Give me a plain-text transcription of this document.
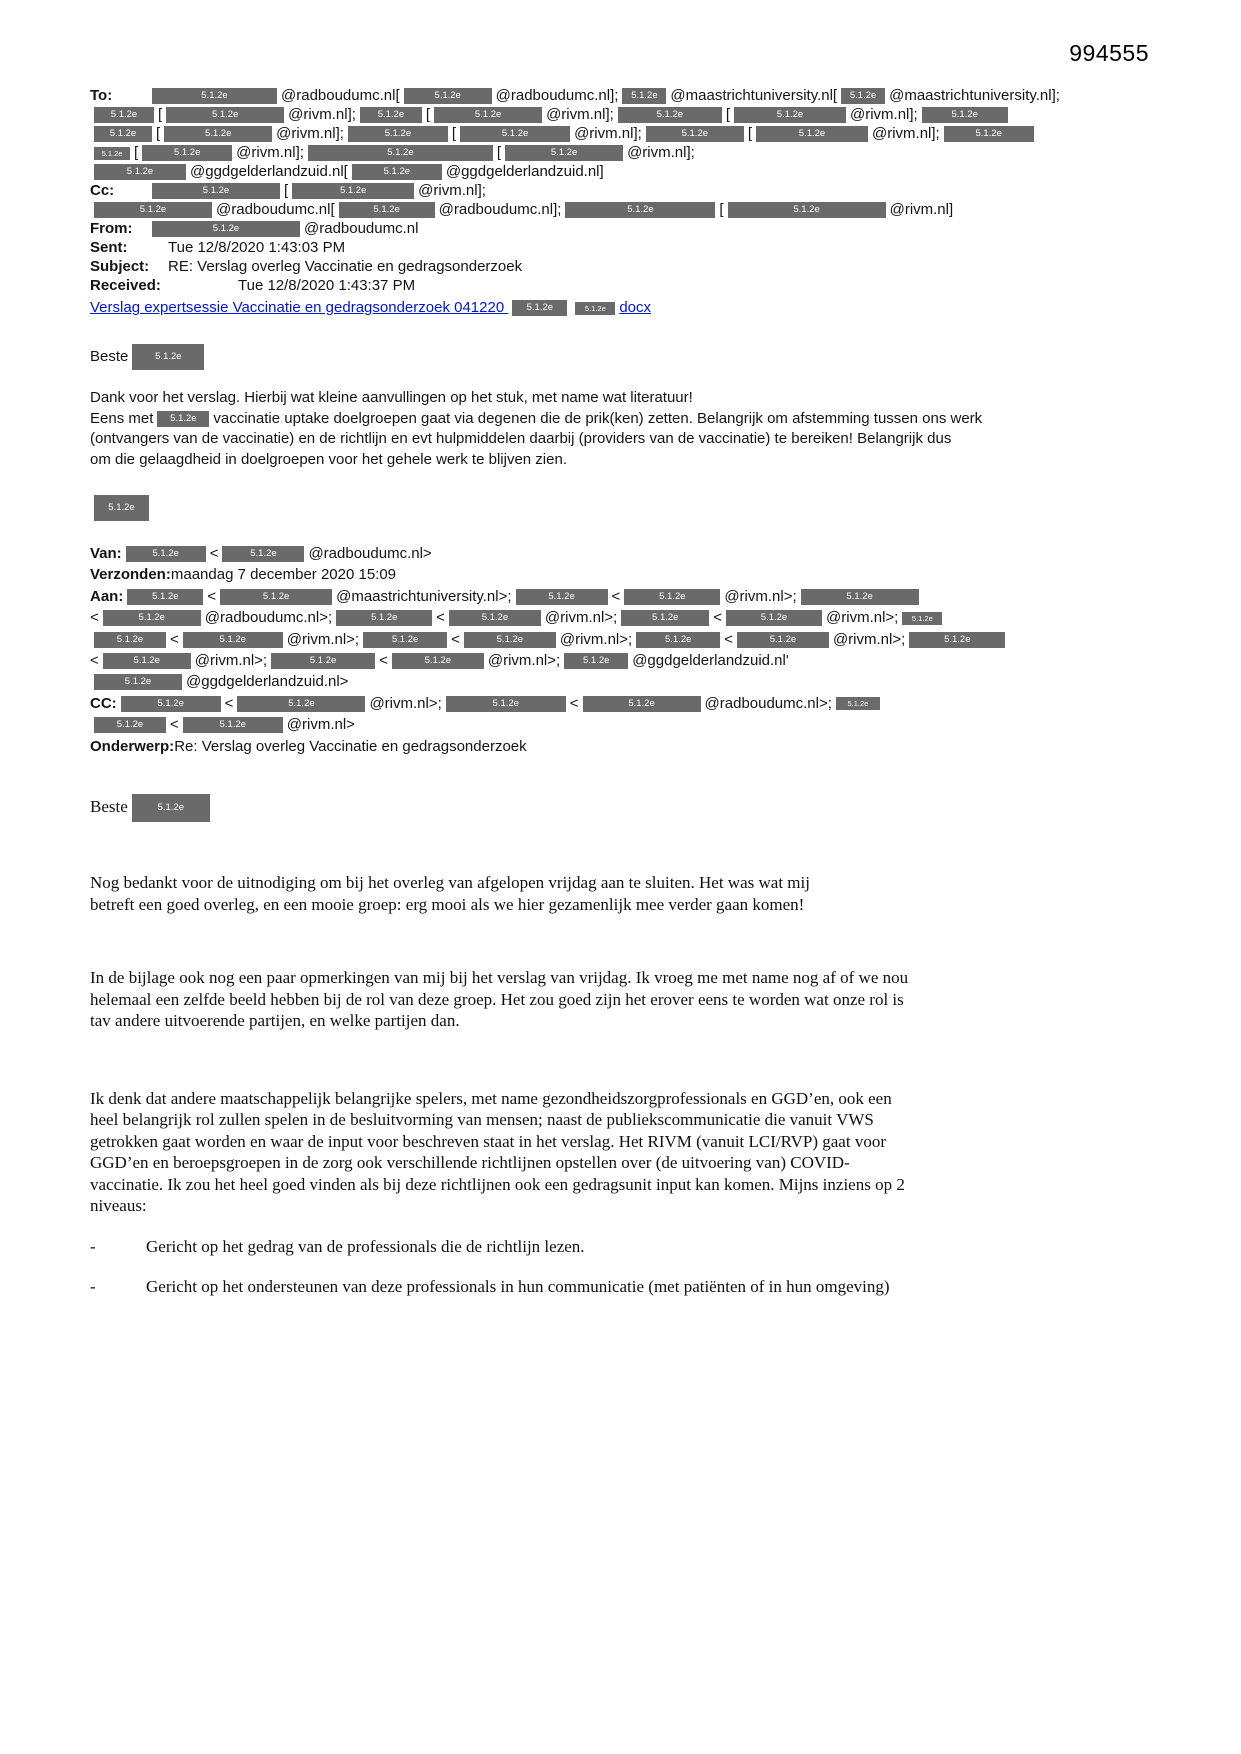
994555
To:	5.1.2e	@radboudumc.nl[	5.1.2e @radboudumc.nl]; 5.1.2e @maastrichtuniversity.nl[ 5.1.2e @maastrichtuniversity.nl];
5.1.2e [	5.1.2e	@rivm.nl]; 5.1.2e [	5.1.2e	@rivm.nl];	5.1.2e	[	5.1.2e	@rivm.nl];	5.1.2e
5.1.2e [	5.1.2e	@rivm.nl];	5.1.2e	[	5.1.2e	@rivm.nl];	5.1.2e	[	5.1.2e	@rivm.nl];	5.1.2e
5.1.2e [	5.1.2e @rivm.nl];	5.1.2e	[	5.1.2e	@rivm.nl];
5.1.2e @ggdgelderlandzuid.nl[	5.1.2e @ggdgelderlandzuid.nl]
Cc:	5.1.2e	[	5.1.2e	@rivm.nl];
5.1.2e	@radboudumc.nl[	5.1.2e	@radboudumc.nl];	5.1.2e	[	5.1.2e	@rivm.nl]
From:	5.1.2e	@radboudumc.nl
Sent:	Tue 12/8/2020 1:43:03 PM
Subject: RE: Verslag overleg Vaccinatie en gedragsonderzoek
Received:	Tue 12/8/2020 1:43:37 PM
Verslag expertsessie Vaccinatie en gedragsonderzoek 041220 5.1.2e	5.1.2e docx
Beste	5.1.2e
Dank voor het verslag. Hierbij wat kleine aanvullingen op het stuk, met name wat literatuur!
Eens met 5.1.2e vaccinatie uptake doelgroepen gaat via degenen die de prik(ken) zetten. Belangrijk om afstemming tussen ons werk
(ontvangers van de vaccinatie) en de richtlijn en evt hulpmiddelen daarbij (providers van de vaccinatie) te bereiken! Belangrijk dus
om die gelaagdheid in doelgroepen voor het gehele werk te blijven zien.
5.1.2e
Van:	5.1.2e <	5.1.2e @radboudumc.nl>
Verzonden:maandag 7 december 2020 15:09
Aan:	5.1.2e <	5.1.2e	@maastrichtuniversity.nl>;	5.1.2e <	5.1.2e	@rivm.nl>;	5.1.2e
<	5.1.2e	@radboudumc.nl>;	5.1.2e	<	5.1.2e @rivm.nl>;	5.1.2e <	5.1.2e	@rivm.nl>; 5.1.2e
5.1.2e <	5.1.2e	@rivm.nl>;	5.1.2e <	5.1.2e @rivm.nl>;	5.1.2e <	5.1.2e @rivm.nl>;	5.1.2e
<	5.1.2e @rivm.nl>;	5.1.2e	<	5.1.2e @rivm.nl>; 5.1.2e @ggdgelderlandzuid.nl'
5.1.2e @ggdgelderlandzuid.nl>
CC:	5.1.2e	<	5.1.2e	@rivm.nl>;	5.1.2e	<	5.1.2e	@radboudumc.nl>; 5.1.2e
5.1.2e <	5.1.2e	@rivm.nl>
Onderwerp:Re: Verslag overleg Vaccinatie en gedragsonderzoek
Beste	5.1.2e

Nog bedankt voor de uitnodiging om bij het overleg van afgelopen vrijdag aan te sluiten. Het was wat mij
betreft een goed overleg, en een mooie groep: erg mooi als we hier gezamenlijk mee verder gaan komen!

In de bijlage ook nog een paar opmerkingen van mij bij het verslag van vrijdag. Ik vroeg me met name nog af of we nou
helemaal een zelfde beeld hebben bij de rol van deze groep. Het zou goed zijn het erover eens te worden wat onze rol is
tav andere uitvoerende partijen, en welke partijen dan.

Ik denk dat andere maatschappelijk belangrijke spelers, met name gezondheidszorgprofessionals en GGD’en, ook een
heel belangrijk rol zullen spelen in de besluitvorming van mensen; naast de publiekscommunicatie die vanuit VWS
getrokken gaat worden en waar de input voor beschreven staat in het verslag. Het RIVM (vanuit LCI/RVP) gaat voor
GGD’en en beroepsgroepen in de zorg ook verschillende richtlijnen opstellen over (de uitvoering van) COVID-
vaccinatie. Ik zou het heel goed vinden als bij deze richtlijnen ook een gedragsunit input kan komen. Mijns inziens op 2
niveaus:

-	Gericht op het gedrag van de professionals die de richtlijn lezen.
-	Gericht op het ondersteunen van deze professionals in hun communicatie (met patiënten of in hun omgeving)
